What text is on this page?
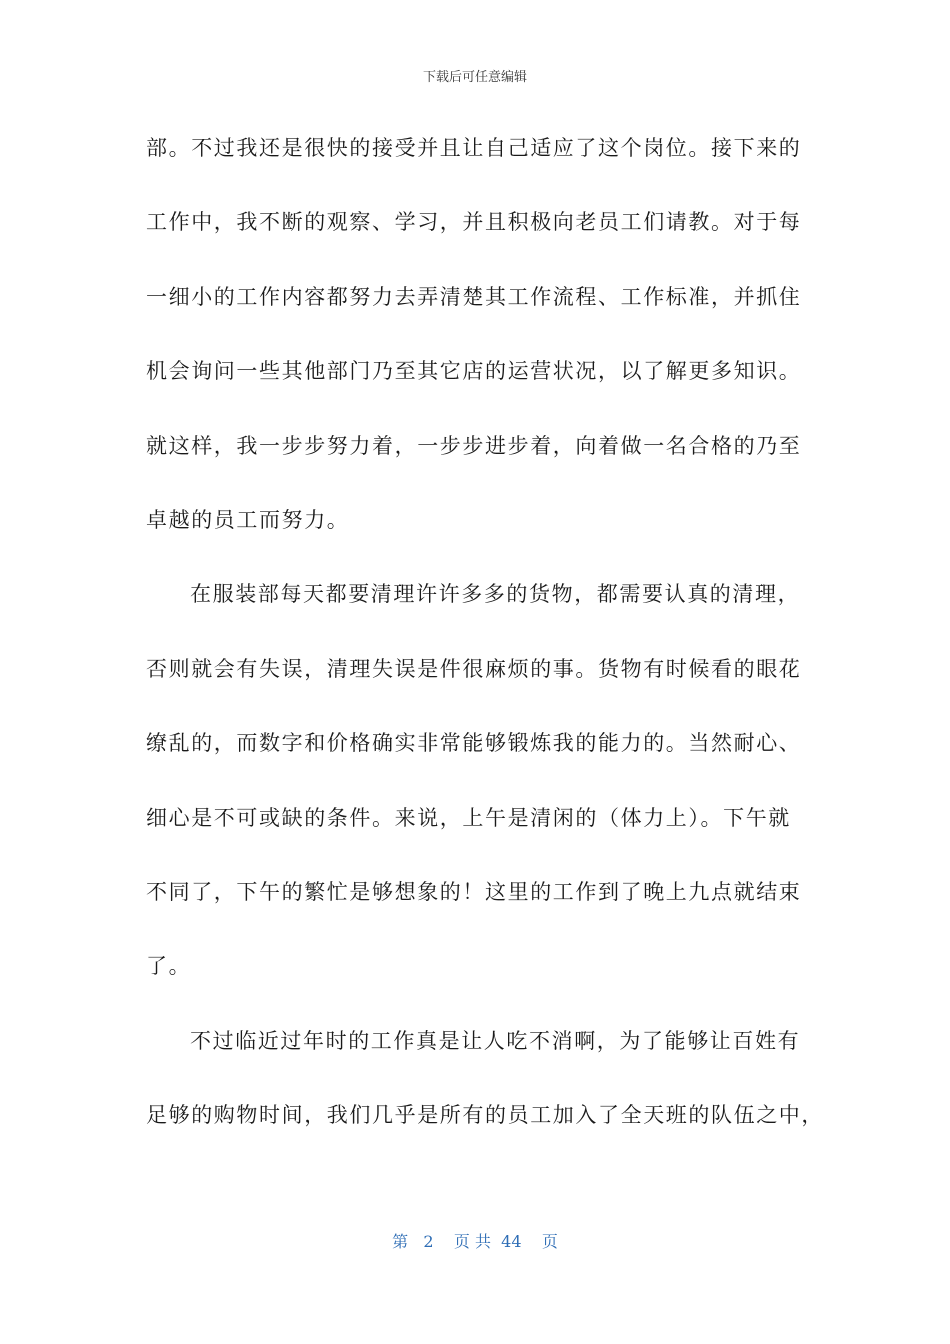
下载后可任意编辑
部。不过我还是很快的接受并且让自己适应了这个岗位。接下来的
工作中，我不断的观察、学习，并且积极向老员工们请教。对于每
一细小的工作内容都努力去弄清楚其工作流程、工作标准，并抓住
机会询问一些其他部门乃至其它店的运营状况，以了解更多知识。
就这样，我一步步努力着，一步步进步着，向着做一名合格的乃至
卓越的员工而努力。
在服装部每天都要清理许许多多的货物，都需要认真的清理，
否则就会有失误，清理失误是件很麻烦的事。货物有时候看的眼花
缭乱的，而数字和价格确实非常能够锻炼我的能力的。当然耐心、
细心是不可或缺的条件。来说，上午是清闲的（体力上）。下午就
不同了，下午的繁忙是够想象的！这里的工作到了晚上九点就结束
了。
不过临近过年时的工作真是让人吃不消啊，为了能够让百姓有
足够的购物时间，我们几乎是所有的员工加入了全天班的队伍之中，
第 2 页 共 44 页
